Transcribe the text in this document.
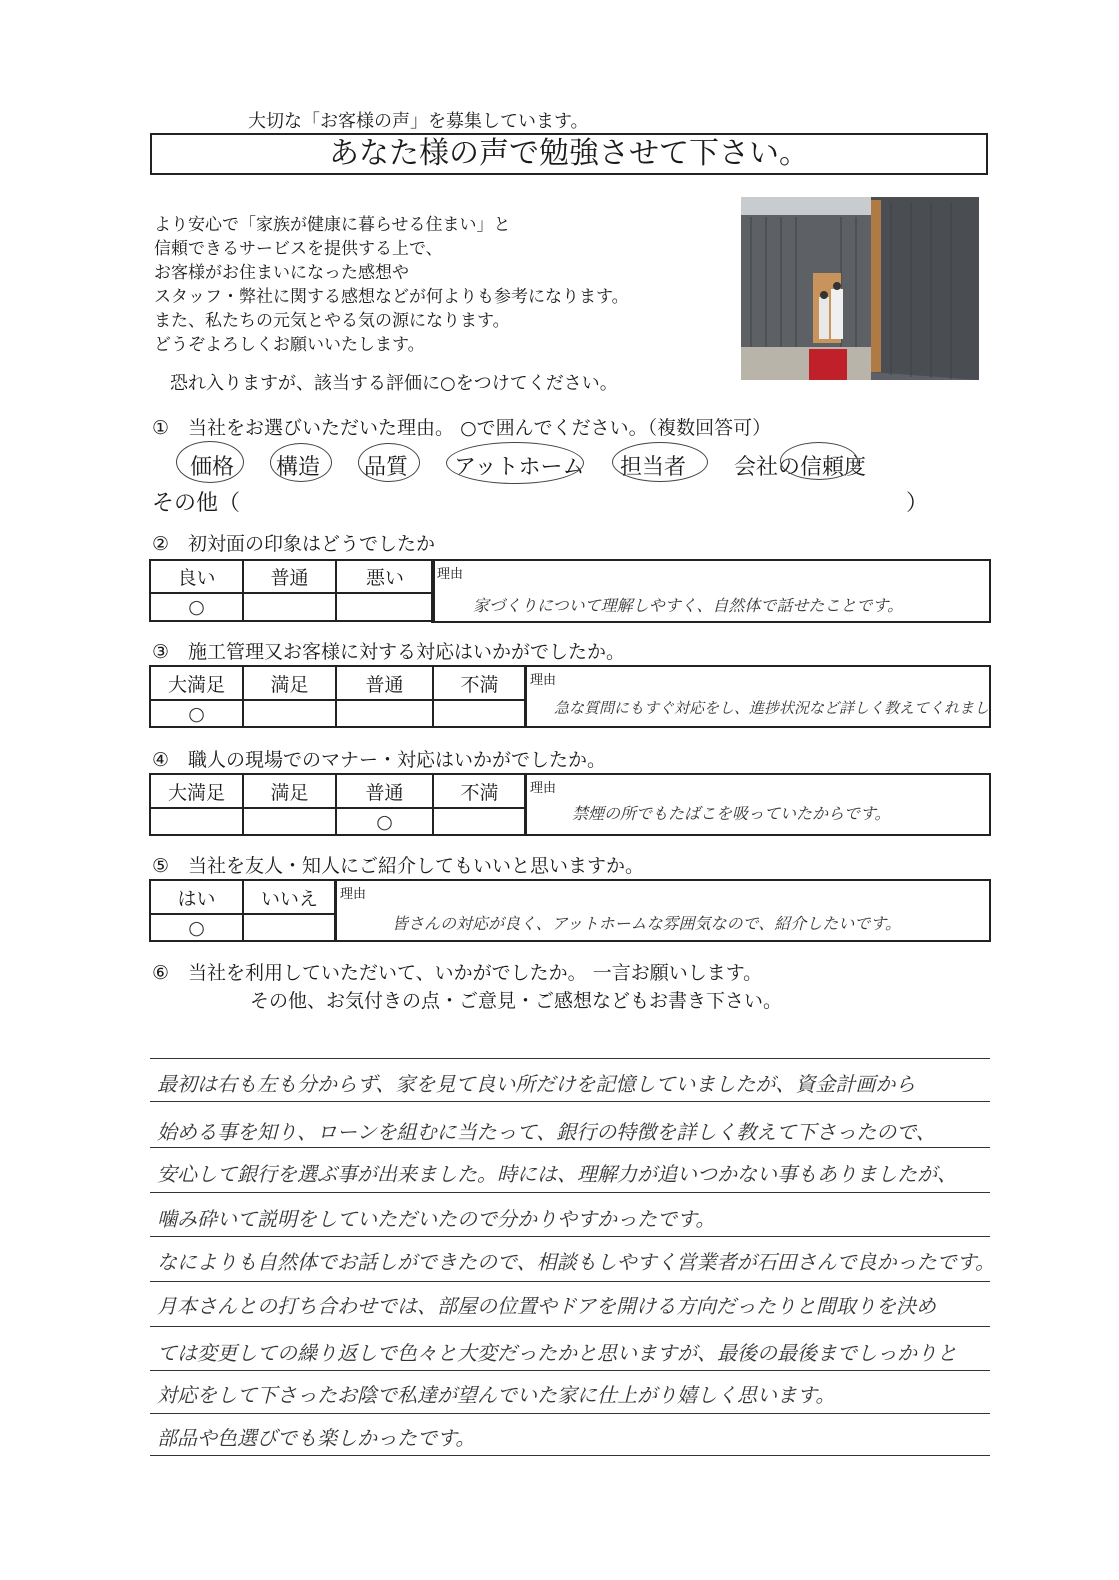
大切な「お客様の声」を募集しています。
あなた様の声で勉強させて下さい。
より安心で「家族が健康に暮らせる住まい」と
信頼できるサービスを提供する上で、
お客様がお住まいになった感想や
スタッフ・弊社に関する感想などが何よりも参考になります。
また、私たちの元気とやる気の源になります。
どうぞよろしくお願いいたします。
恐れ入りますが、該当する評価に○をつけてください。
①　当社をお選びいただいた理由。 ○で囲んでください。（複数回答可）
価格 構造 品質 アットホーム 担当者 会社の信頼度
その他（	）
②　初対面の印象はどうでしたか
良い	普通	悪い
○		
理由
家づくりについて理解しやすく、自然体で話せたことです。
③　施工管理又お客様に対する対応はいかがでしたか。
大満足	満足	普通	不満
○			
理由
急な質問にもすぐ対応をし、進捗状況など詳しく教えてくれまし
④　職人の現場でのマナー・対応はいかがでしたか。
大満足	満足	普通	不満
		○	
理由
禁煙の所でもたばこを吸っていたからです。
⑤　当社を友人・知人にご紹介してもいいと思いますか。
はい	いいえ
○	
理由
皆さんの対応が良く、アットホームな雰囲気なので、紹介したいです。
⑥　当社を利用していただいて、いかがでしたか。 一言お願いします。
その他、お気付きの点・ご意見・ご感想などもお書き下さい。
最初は右も左も分からず、家を見て良い所だけを記憶していましたが、資金計画から
始める事を知り、ローンを組むに当たって、銀行の特徴を詳しく教えて下さったので、
安心して銀行を選ぶ事が出来ました。時には、理解力が追いつかない事もありましたが、
噛み砕いて説明をしていただいたので分かりやすかったです。
なによりも自然体でお話しができたので、相談もしやすく営業者が石田さんで良かったです。
月本さんとの打ち合わせでは、部屋の位置やドアを開ける方向だったりと間取りを決め
ては変更しての繰り返しで色々と大変だったかと思いますが、最後の最後までしっかりと
対応をして下さったお陰で私達が望んでいた家に仕上がり嬉しく思います。
部品や色選びでも楽しかったです。
